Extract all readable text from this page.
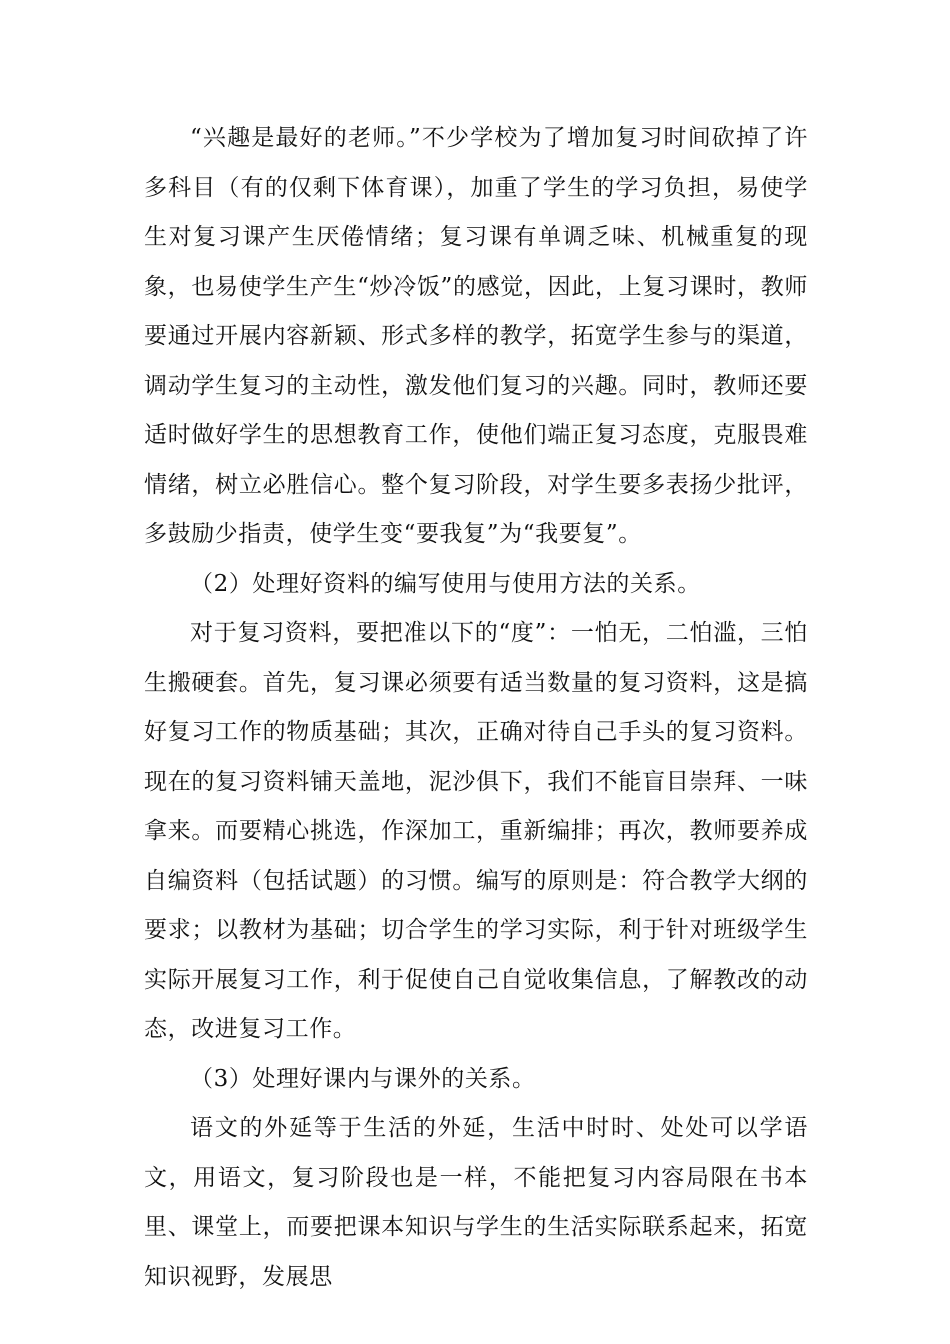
“兴趣是最好的老师。”不少学校为了增加复习时间砍掉了许多科目（有的仅剩下体育课），加重了学生的学习负担，易使学生对复习课产生厌倦情绪；复习课有单调乏味、机械重复的现象，也易使学生产生“炒冷饭”的感觉，因此，上复习课时，教师要通过开展内容新颖、形式多样的教学，拓宽学生参与的渠道，调动学生复习的主动性，激发他们复习的兴趣。同时，教师还要适时做好学生的思想教育工作，使他们端正复习态度，克服畏难情绪，树立必胜信心。整个复习阶段，对学生要多表扬少批评，多鼓励少指责，使学生变“要我复”为“我要复”。

（2）处理好资料的编写使用与使用方法的关系。

对于复习资料，要把准以下的“度”：一怕无，二怕滥，三怕生搬硬套。首先，复习课必须要有适当数量的复习资料，这是搞好复习工作的物质基础；其次，正确对待自己手头的复习资料。现在的复习资料铺天盖地，泥沙俱下，我们不能盲目崇拜、一味拿来。而要精心挑选，作深加工，重新编排；再次，教师要养成自编资料（包括试题）的习惯。编写的原则是：符合教学大纲的要求；以教材为基础；切合学生的学习实际，利于针对班级学生实际开展复习工作，利于促使自己自觉收集信息，了解教改的动态，改进复习工作。

（3）处理好课内与课外的关系。

语文的外延等于生活的外延，生活中时时、处处可以学语文，用语文，复习阶段也是一样，不能把复习内容局限在书本里、课堂上，而要把课本知识与学生的生活实际联系起来，拓宽知识视野，发展思
